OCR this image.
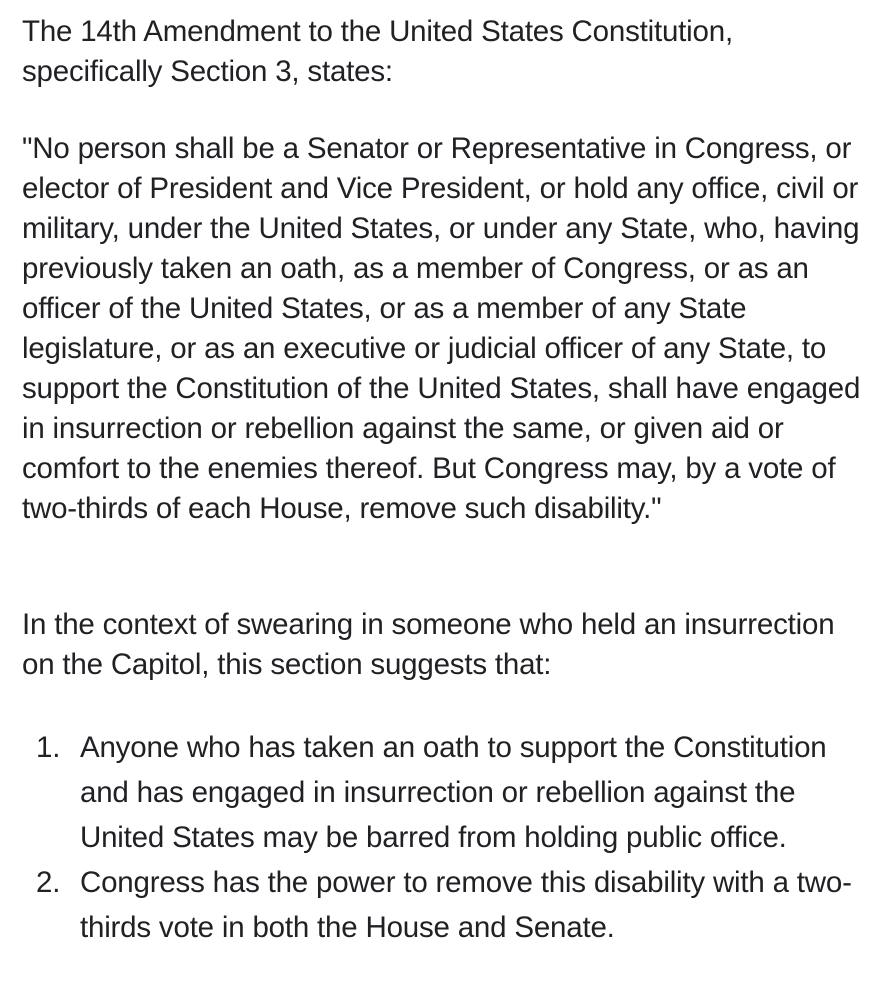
The 14th Amendment to the United States Constitution, specifically Section 3, states:

"No person shall be a Senator or Representative in Congress, or elector of President and Vice President, or hold any office, civil or military, under the United States, or under any State, who, having previously taken an oath, as a member of Congress, or as an officer of the United States, or as a member of any State legislature, or as an executive or judicial officer of any State, to support the Constitution of the United States, shall have engaged in insurrection or rebellion against the same, or given aid or comfort to the enemies thereof. But Congress may, by a vote of two-thirds of each House, remove such disability."

In the context of swearing in someone who held an insurrection on the Capitol, this section suggests that:

1. Anyone who has taken an oath to support the Constitution and has engaged in insurrection or rebellion against the United States may be barred from holding public office.
2. Congress has the power to remove this disability with a two-thirds vote in both the House and Senate.
